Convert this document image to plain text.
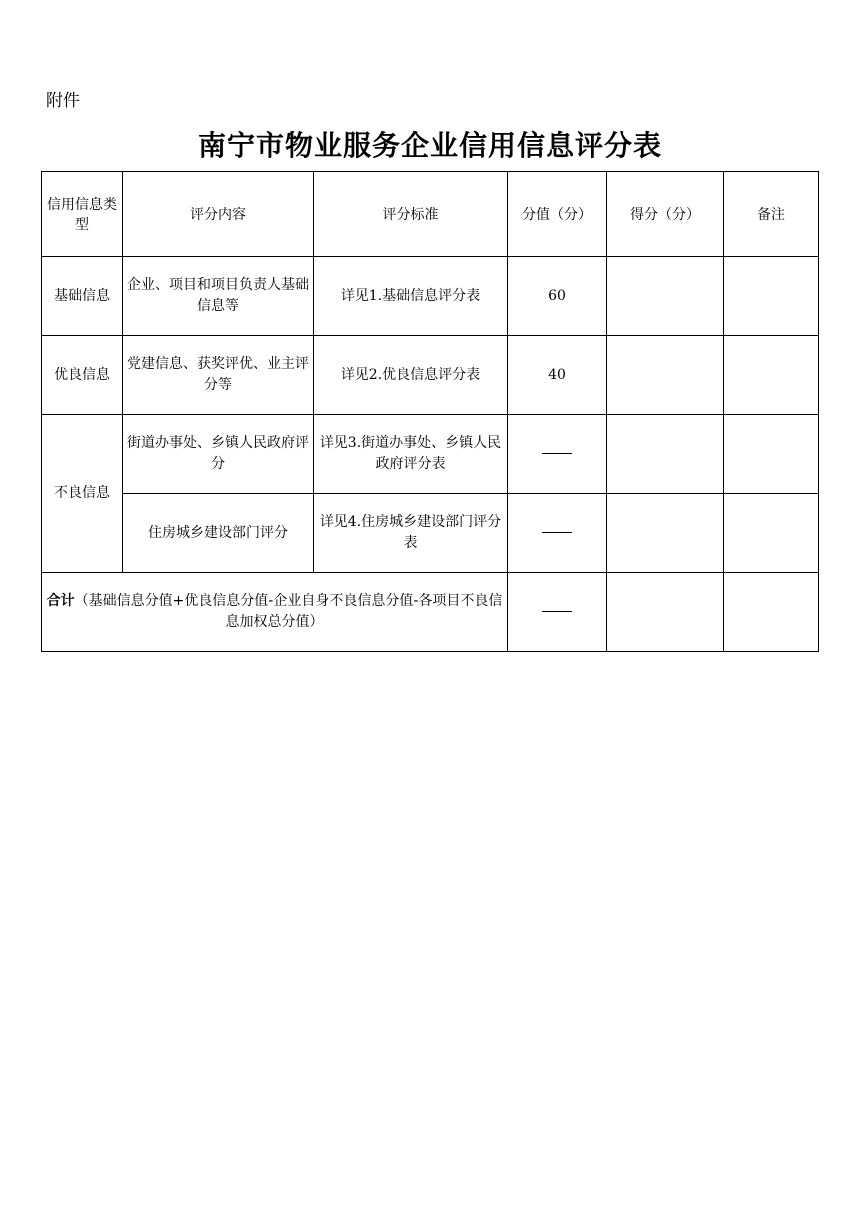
附件
南宁市物业服务企业信用信息评分表
信用信息类型	评分内容	评分标准	分值（分）	得分（分）	备注
基础信息	企业、项目和项目负责人基础信息等	详见1.基础信息评分表	60		
优良信息	党建信息、获奖评优、业主评分等	详见2.优良信息评分表	40		
不良信息	街道办事处、乡镇人民政府评分	详见3.街道办事处、乡镇人民政府评分表			
	住房城乡建设部门评分	详见4.住房城乡建设部门评分表			
合计（基础信息分值+优良信息分值-企业自身不良信息分值-各项目不良信息加权总分值）					
